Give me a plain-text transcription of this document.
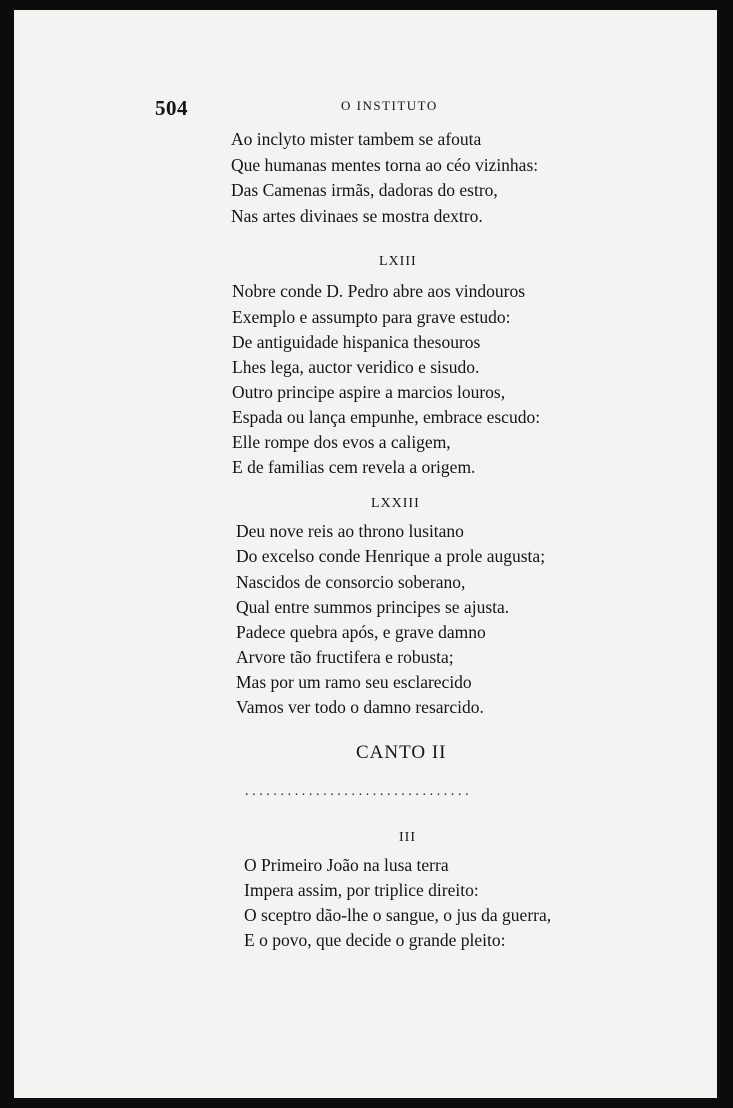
504	O INSTITUTO
Ao inclyto mister tambem se afouta
Que humanas mentes torna ao céo vizinhas:
Das Camenas irmãs, dadoras do estro,
Nas artes divinaes se mostra dextro.
LXIII
Nobre conde D. Pedro abre aos vindouros
Exemplo e assumpto para grave estudo:
De antiguidade hispanica thesouros
Lhes lega, auctor veridico e sisudo.
Outro principe aspire a marcios louros,
Espada ou lança empunhe, embrace escudo:
Elle rompe dos evos a caligem,
E de familias cem revela a origem.
LXXIII
Deu nove reis ao throno lusitano
Do excelso conde Henrique a prole augusta;
Nascidos de consorcio soberano,
Qual entre summos principes se ajusta.
Padece quebra após, e grave damno
Arvore tão fructifera e robusta;
Mas por um ramo seu esclarecido
Vamos ver todo o damno resarcido.
CANTO II
................................
III
O Primeiro João na lusa terra
Impera assim, por triplice direito:
O sceptro dão-lhe o sangue, o jus da guerra,
E o povo, que decide o grande pleito:
